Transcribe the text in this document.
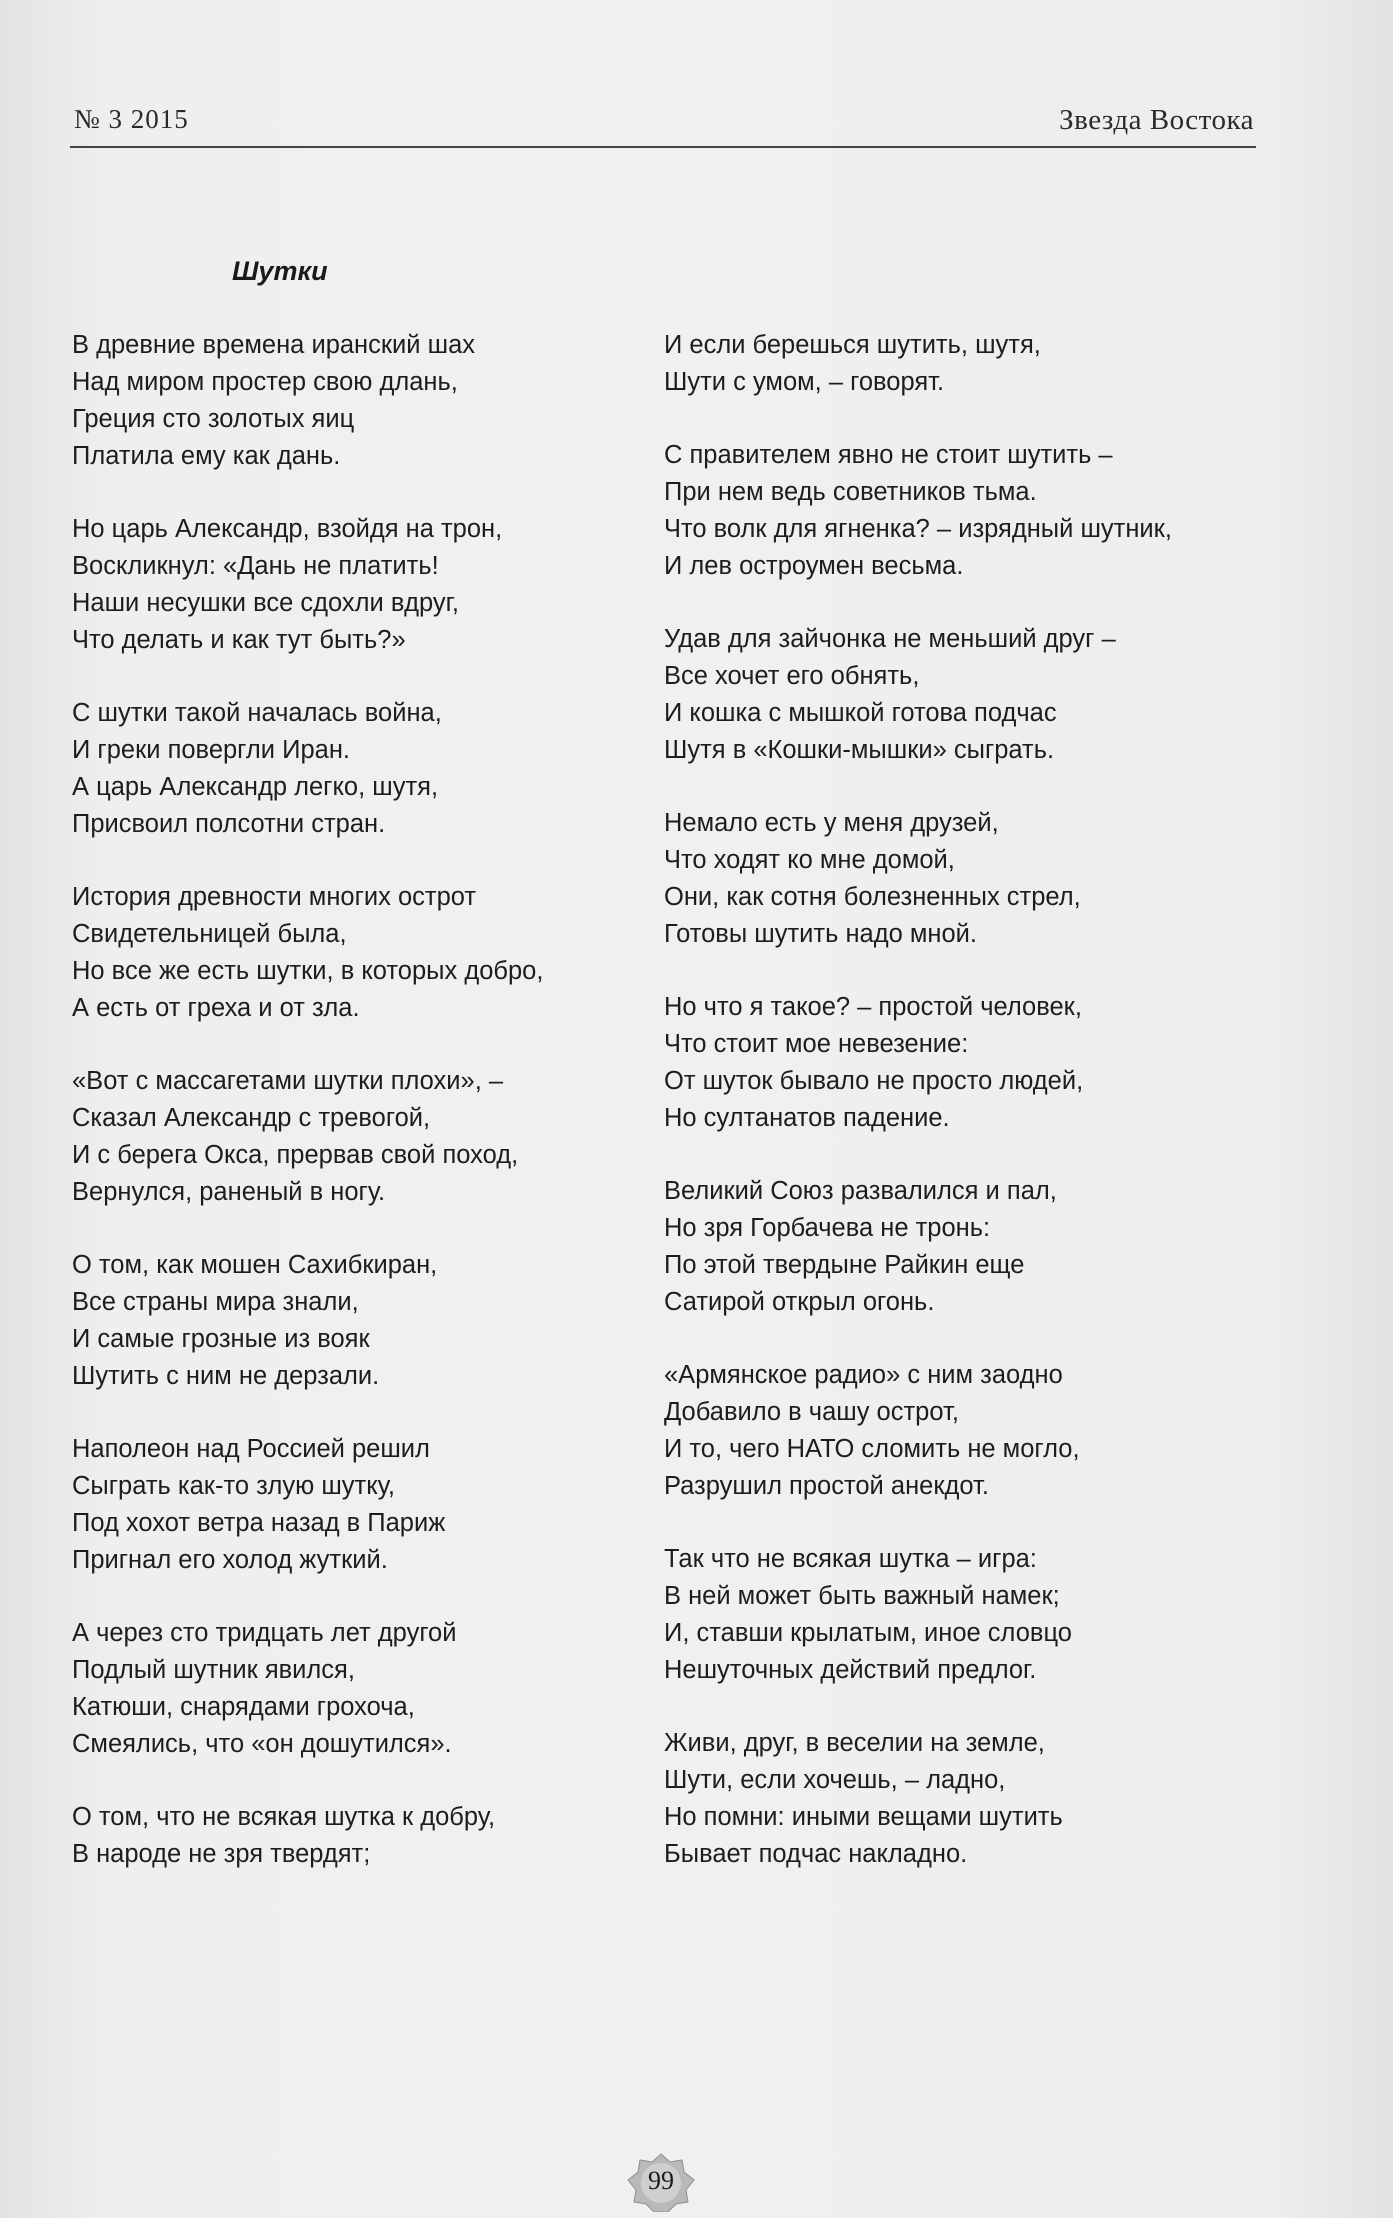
№ 3 2015	Звезда Востока
Шутки
В древние времена иранский шах
Над миром простер свою длань,
Греция сто золотых яиц
Платила ему как дань.
Но царь Александр, взойдя на трон,
Воскликнул: «Дань не платить!
Наши несушки все сдохли вдруг,
Что делать и как тут быть?»
С шутки такой началась война,
И греки повергли Иран.
А царь Александр легко, шутя,
Присвоил полсотни стран.
История древности многих острот
Свидетельницей была,
Но все же есть шутки, в которых добро,
А есть от греха и от зла.
«Вот с массагетами шутки плохи», –
Сказал Александр с тревогой,
И с берега Окса, прервав свой поход,
Вернулся, раненый в ногу.
О том, как мошен Сахибкиран,
Все страны мира знали,
И самые грозные из вояк
Шутить с ним не дерзали.
Наполеон над Россией решил
Сыграть как-то злую шутку,
Под хохот ветра назад в Париж
Пригнал его холод жуткий.
А через сто тридцать лет другой
Подлый шутник явился,
Катюши, снарядами грохоча,
Смеялись, что «он дошутился».
О том, что не всякая шутка к добру,
В народе не зря твердят;
И если берешься шутить, шутя,
Шути с умом, – говорят.
С правителем явно не стоит шутить –
При нем ведь советников тьма.
Что волк для ягненка? – изрядный шутник,
И лев остроумен весьма.
Удав для зайчонка не меньший друг –
Все хочет его обнять,
И кошка с мышкой готова подчас
Шутя в «Кошки-мышки» сыграть.
Немало есть у меня друзей,
Что ходят ко мне домой,
Они, как сотня болезненных стрел,
Готовы шутить надо мной.
Но что я такое? – простой человек,
Что стоит мое невезение:
От шуток бывало не просто людей,
Но султанатов падение.
Великий Союз развалился и пал,
Но зря Горбачева не тронь:
По этой твердыне Райкин еще
Сатирой открыл огонь.
«Армянское радио» с ним заодно
Добавило в чашу острот,
И то, чего НАТО сломить не могло,
Разрушил простой анекдот.
Так что не всякая шутка – игра:
В ней может быть важный намек;
И, ставши крылатым, иное словцо
Нешуточных действий предлог.
Живи, друг, в веселии на земле,
Шути, если хочешь, – ладно,
Но помни: иными вещами шутить
Бывает подчас накладно.
99
